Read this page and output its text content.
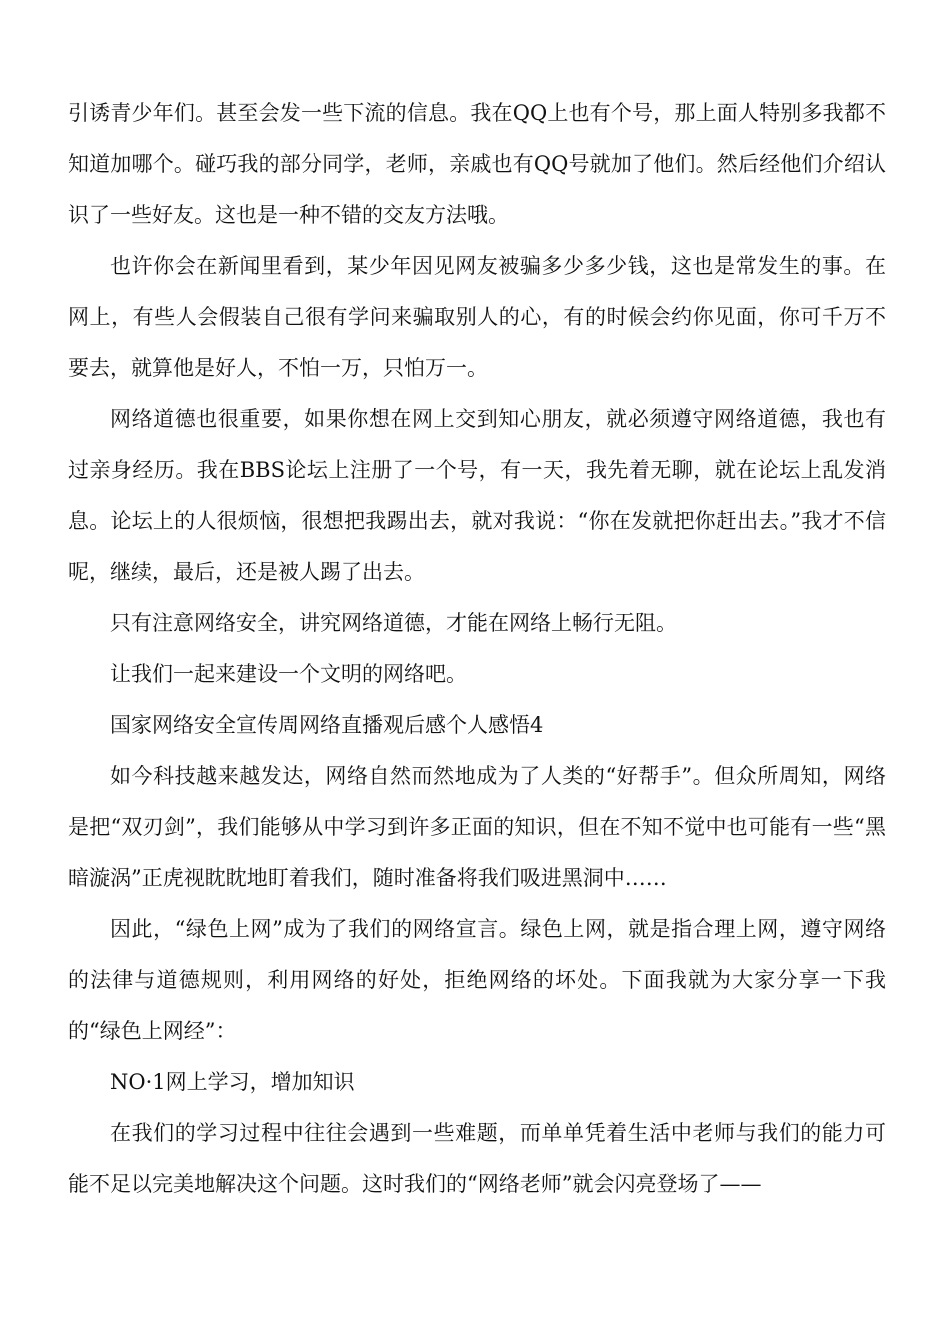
引诱青少年们。甚至会发一些下流的信息。我在QQ上也有个号，那上面人特别多我都不知道加哪个。碰巧我的部分同学，老师，亲戚也有QQ号就加了他们。然后经他们介绍认识了一些好友。这也是一种不错的交友方法哦。

也许你会在新闻里看到，某少年因见网友被骗多少多少钱，这也是常发生的事。在网上，有些人会假装自己很有学问来骗取别人的心，有的时候会约你见面，你可千万不要去，就算他是好人，不怕一万，只怕万一。

网络道德也很重要，如果你想在网上交到知心朋友，就必须遵守网络道德，我也有过亲身经历。我在BBS论坛上注册了一个号，有一天，我先着无聊，就在论坛上乱发消息。论坛上的人很烦恼，很想把我踢出去，就对我说：“你在发就把你赶出去。”我才不信呢，继续，最后，还是被人踢了出去。

只有注意网络安全，讲究网络道德，才能在网络上畅行无阻。

让我们一起来建设一个文明的网络吧。

国家网络安全宣传周网络直播观后感个人感悟4

如今科技越来越发达，网络自然而然地成为了人类的“好帮手”。但众所周知，网络是把“双刃剑”，我们能够从中学习到许多正面的知识，但在不知不觉中也可能有一些“黑暗漩涡”正虎视眈眈地盯着我们，随时准备将我们吸进黑洞中……

因此，“绿色上网”成为了我们的网络宣言。绿色上网，就是指合理上网，遵守网络的法律与道德规则，利用网络的好处，拒绝网络的坏处。下面我就为大家分享一下我的“绿色上网经”：

NO·1网上学习，增加知识

在我们的学习过程中往往会遇到一些难题，而单单凭着生活中老师与我们的能力可能不足以完美地解决这个问题。这时我们的“网络老师”就会闪亮登场了——
